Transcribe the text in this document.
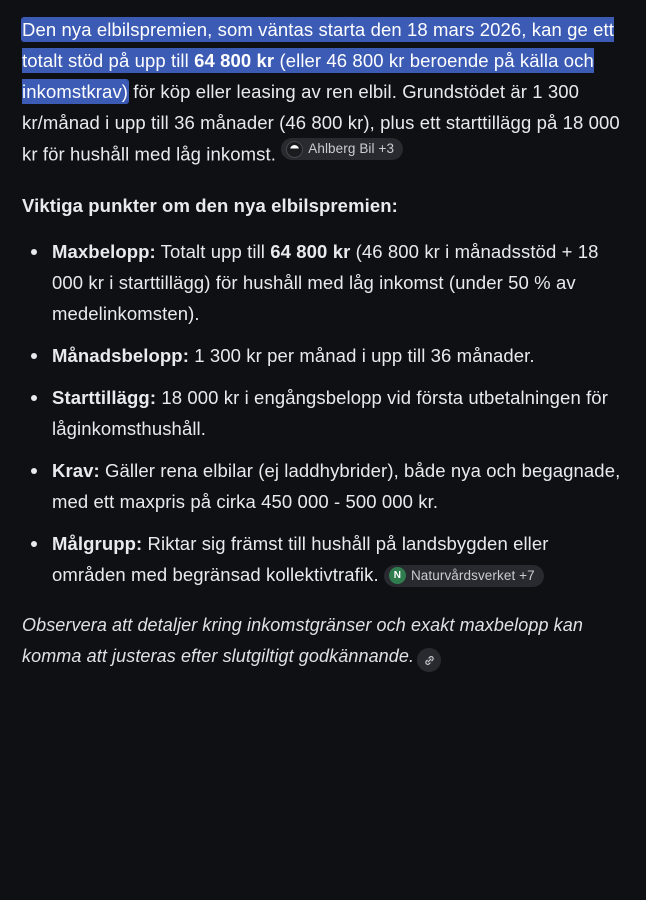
Den nya elbilspremien, som väntas starta den 18 mars 2026, kan ge ett totalt stöd på upp till 64 800 kr (eller 46 800 kr beroende på källa och inkomstkrav) för köp eller leasing av ren elbil. Grundstödet är 1 300 kr/månad i upp till 36 månader (46 800 kr), plus ett starttillägg på 18 000 kr för hushåll med låg inkomst. Ahlberg Bil +3

Viktiga punkter om den nya elbilspremien:

Maxbelopp: Totalt upp till 64 800 kr (46 800 kr i månadsstöd + 18 000 kr i starttillägg) för hushåll med låg inkomst (under 50 % av medelinkomsten).
Månadsbelopp: 1 300 kr per månad i upp till 36 månader.
Starttillägg: 18 000 kr i engångsbelopp vid första utbetalningen för låginkomsthushåll.
Krav: Gäller rena elbilar (ej laddhybrider), både nya och begagnade, med ett maxpris på cirka 450 000 - 500 000 kr.
Målgrupp: Riktar sig främst till hushåll på landsbygden eller områden med begränsad kollektivtrafik.	N Naturvårdsverket +7

Observera att detaljer kring inkomstgränser och exakt maxbelopp kan komma att justeras efter slutgiltigt godkännande.
